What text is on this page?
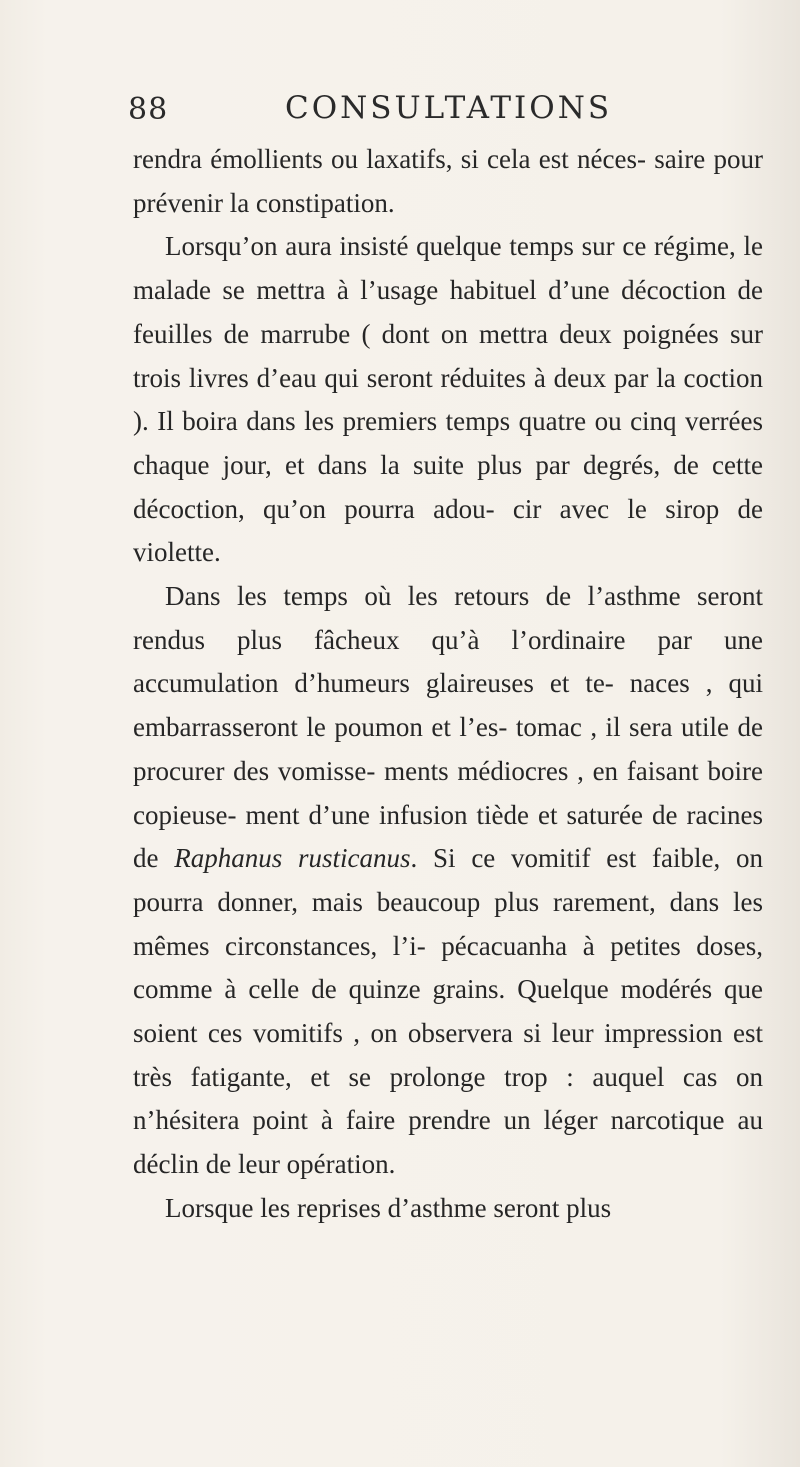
88	CONSULTATIONS

rendra émollients ou laxatifs, si cela est néces- saire pour prévenir la constipation.

Lorsqu’on aura insisté quelque temps sur ce régime, le malade se mettra à l’usage habituel d’une décoction de feuilles de marrube ( dont on mettra deux poignées sur trois livres d’eau qui seront réduites à deux par la coction ). Il boira dans les premiers temps quatre ou cinq verrées chaque jour, et dans la suite plus par degrés, de cette décoction, qu’on pourra adou- cir avec le sirop de violette.

Dans les temps où les retours de l’asthme seront rendus plus fâcheux qu’à l’ordinaire par une accumulation d’humeurs glaireuses et te- naces , qui embarrasseront le poumon et l’es- tomac , il sera utile de procurer des vomisse- ments médiocres , en faisant boire copieuse- ment d’une infusion tiède et saturée de racines de Raphanus rusticanus. Si ce vomitif est faible, on pourra donner, mais beaucoup plus rarement, dans les mêmes circonstances, l’i- pécacuanha à petites doses, comme à celle de quinze grains. Quelque modérés que soient ces vomitifs , on observera si leur impression est très fatigante, et se prolonge trop : auquel cas on n’hésitera point à faire prendre un léger narcotique au déclin de leur opération.

Lorsque les reprises d’asthme seront plus
